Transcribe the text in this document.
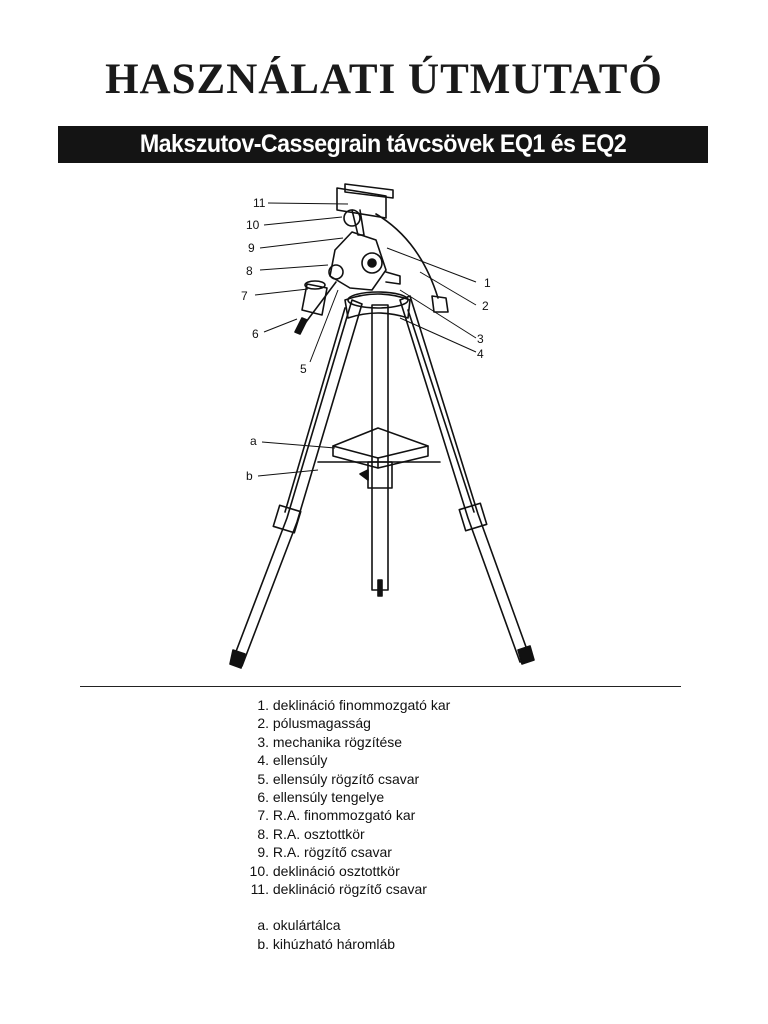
HASZNÁLATI ÚTMUTATÓ
Makszutov-Cassegrain távcsövek EQ1 és EQ2 mechanikán
11
10
9
8
7
6
5
1
2
3
4
a
b
1. deklináció finommozgató kar
2. pólusmagasság
3. mechanika rögzítése
4. ellensúly
5. ellensúly rögzítő csavar
6. ellensúly tengelye
7. R.A. finommozgató kar
8. R.A. osztottkör
9. R.A. rögzítő csavar
10. deklináció osztottkör
11. deklináció rögzítő csavar
a. okulártálca
b. kihúzható háromláb
